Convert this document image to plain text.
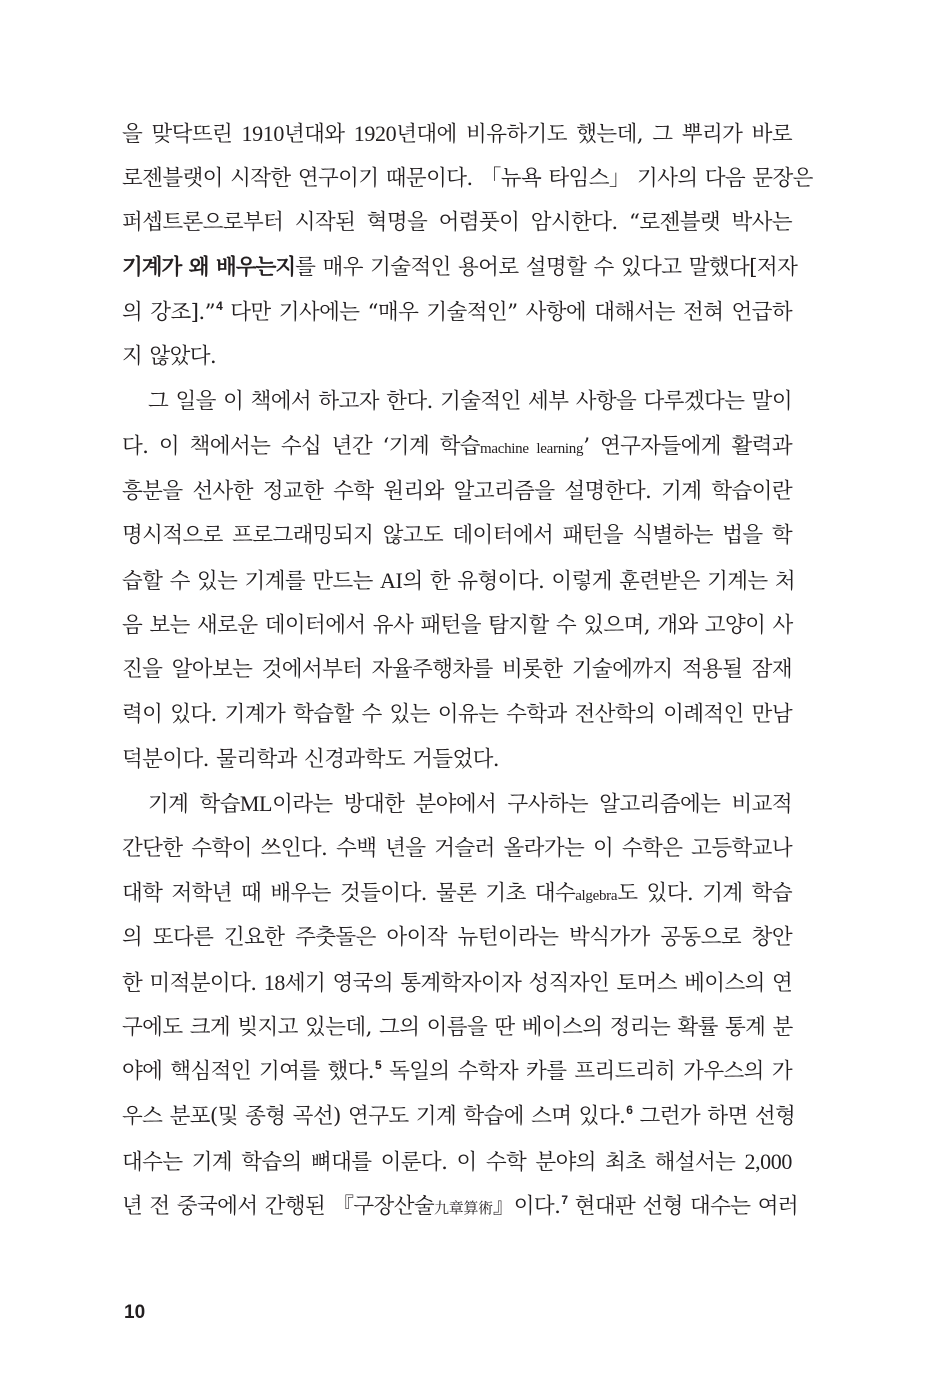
을 맞닥뜨린 1910년대와 1920년대에 비유하기도 했는데, 그 뿌리가 바로
로젠블랫이 시작한 연구이기 때문이다. 「뉴욕 타임스」 기사의 다음 문장은
퍼셉트론으로부터 시작된 혁명을 어렴풋이 암시한다. “로젠블랫 박사는
기계가 왜 배우는지를 매우 기술적인 용어로 설명할 수 있다고 말했다[저자
의 강조].”$^4$ 다만 기사에는 “매우 기술적인” 사항에 대해서는 전혀 언급하
지 않았다.
그 일을 이 책에서 하고자 한다. 기술적인 세부 사항을 다루겠다는 말이
다. 이 책에서는 수십 년간 ‘기계 학습machine learning’ 연구자들에게 활력과
흥분을 선사한 정교한 수학 원리와 알고리즘을 설명한다. 기계 학습이란
명시적으로 프로그래밍되지 않고도 데이터에서 패턴을 식별하는 법을 학
습할 수 있는 기계를 만드는 AI의 한 유형이다. 이렇게 훈련받은 기계는 처
음 보는 새로운 데이터에서 유사 패턴을 탐지할 수 있으며, 개와 고양이 사
진을 알아보는 것에서부터 자율주행차를 비롯한 기술에까지 적용될 잠재
력이 있다. 기계가 학습할 수 있는 이유는 수학과 전산학의 이례적인 만남
덕분이다. 물리학과 신경과학도 거들었다.
기계 학습ML이라는 방대한 분야에서 구사하는 알고리즘에는 비교적
간단한 수학이 쓰인다. 수백 년을 거슬러 올라가는 이 수학은 고등학교나
대학 저학년 때 배우는 것들이다. 물론 기초 대수algebra도 있다. 기계 학습
의 또다른 긴요한 주춧돌은 아이작 뉴턴이라는 박식가가 공동으로 창안
한 미적분이다. 18세기 영국의 통계학자이자 성직자인 토머스 베이스의 연
구에도 크게 빚지고 있는데, 그의 이름을 딴 베이스의 정리는 확률 통계 분
야에 핵심적인 기여를 했다.$^5$ 독일의 수학자 카를 프리드리히 가우스의 가
우스 분포(및 종형 곡선) 연구도 기계 학습에 스며 있다.$^6$ 그런가 하면 선형
대수는 기계 학습의 뼈대를 이룬다. 이 수학 분야의 최초 해설서는 2,000
년 전 중국에서 간행된 『구장산술九章算術』이다.$^7$ 현대판 선형 대수는 여러
10
